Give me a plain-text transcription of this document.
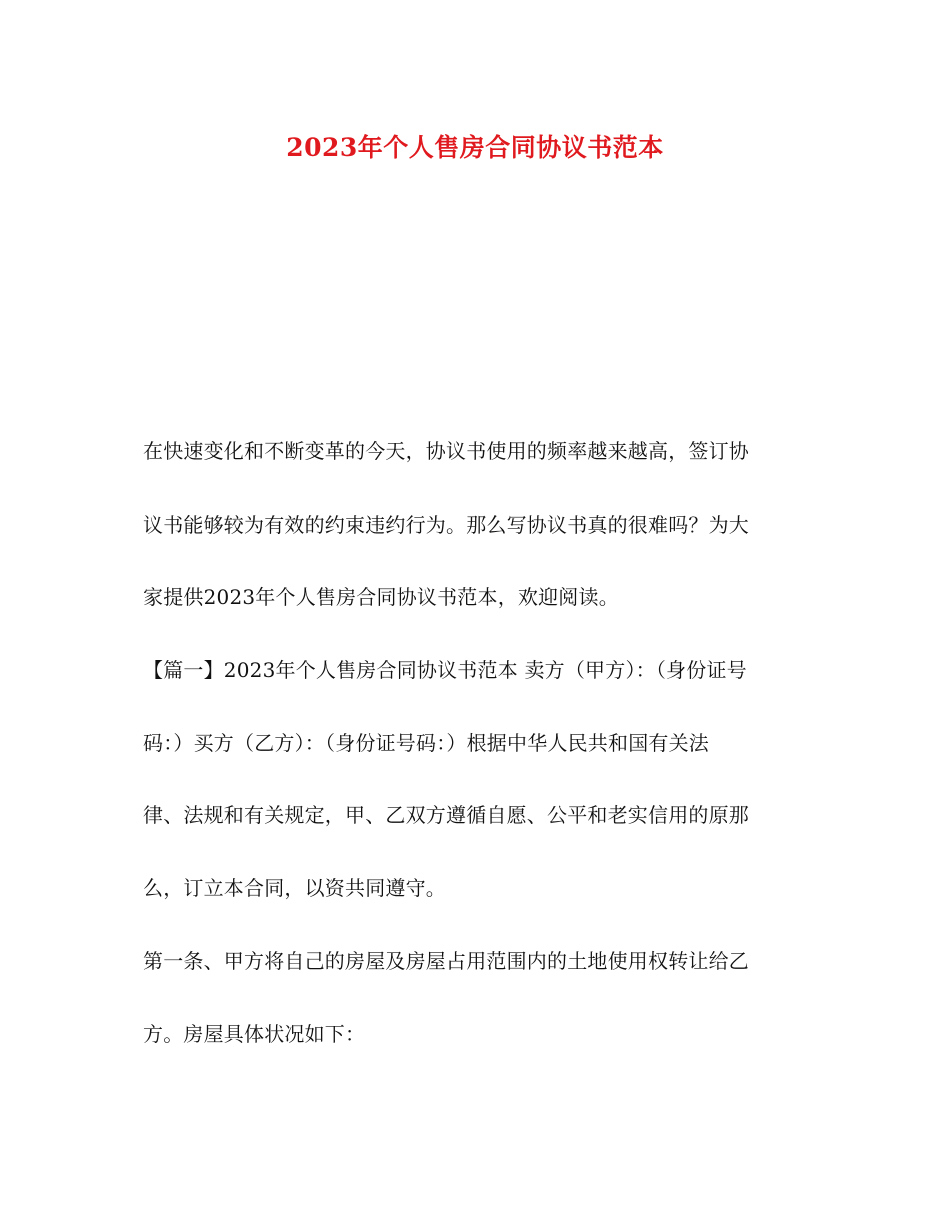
2023年个人售房合同协议书范本
在快速变化和不断变革的今天，协议书使用的频率越来越高，签订协
议书能够较为有效的约束违约行为。那么写协议书真的很难吗？为大
家提供2023年个人售房合同协议书范本，欢迎阅读。
【篇一】2023年个人售房合同协议书范本 卖方（甲方）：（身份证号
码：）买方（乙方）：（身份证号码：）根据中华人民共和国有关法
律、法规和有关规定，甲、乙双方遵循自愿、公平和老实信用的原那
么，订立本合同，以资共同遵守。
第一条、甲方将自己的房屋及房屋占用范围内的土地使用权转让给乙
方。房屋具体状况如下：
